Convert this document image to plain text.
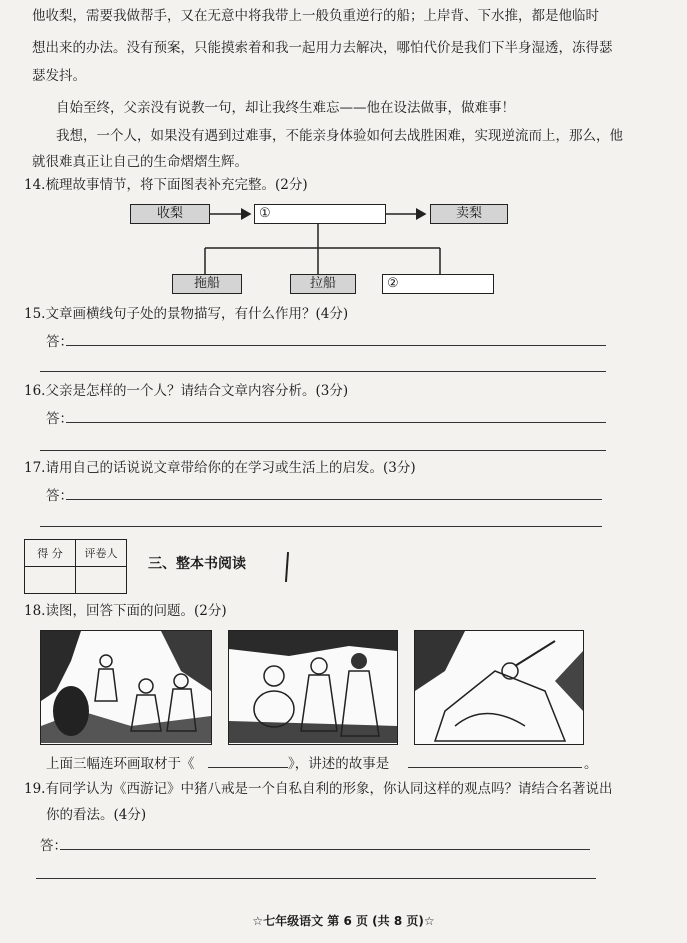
他收梨，需要我做帮手，又在无意中将我带上一般负重逆行的船；上岸背、下水推，都是他临时
想出来的办法。没有预案，只能摸索着和我一起用力去解决，哪怕代价是我们下半身湿透，冻得瑟
瑟发抖。
自始至终，父亲没有说教一句，却让我终生难忘——他在设法做事，做难事！
我想，一个人，如果没有遇到过难事，不能亲身体验如何去战胜困难，实现逆流而上，那么，他
就很难真正让自己的生命熠熠生辉。
14.梳理故事情节，将下面图表补充完整。(2分)
收梨	①	卖梨
拖船	拉船	②
15.文章画横线句子处的景物描写，有什么作用？(4分)
答：
16.父亲是怎样的一个人？请结合文章内容分析。(3分)
答：
17.请用自己的话说说文章带给你的在学习或生活上的启发。(3分)
答：
得 分	评卷人

三、整本书阅读
18.读图，回答下面的问题。(2分)
上面三幅连环画取材于《	》，讲述的故事是	。
19.有同学认为《西游记》中猪八戒是一个自私自利的形象，你认同这样的观点吗？请结合名著说出
你的看法。(4分)
答：
☆七年级语文 第 6 页 (共 8 页)☆
